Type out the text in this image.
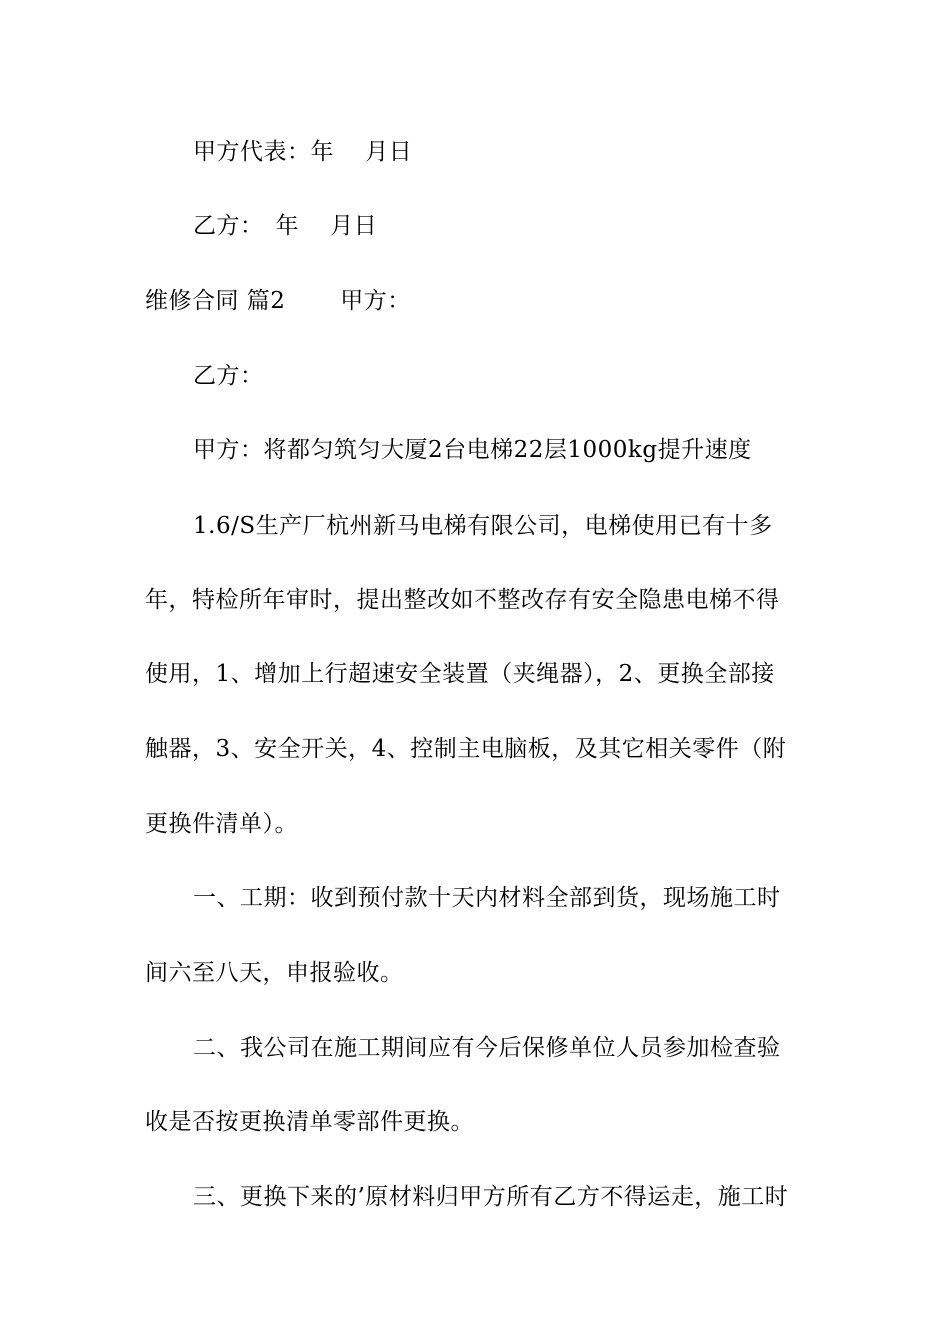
甲方代表：年　 月日
乙方：　年　 月日
维修合同 篇2　　 甲方：
乙方：
甲方：将都匀筑匀大厦2台电梯22层1000kg提升速度
1.6/S生产厂杭州新马电梯有限公司，电梯使用已有十多
年，特检所年审时，提出整改如不整改存有安全隐患电梯不得
使用，1、增加上行超速安全装置（夹绳器），2、更换全部接
触器，3、安全开关，4、控制主电脑板，及其它相关零件（附
更换件清单）。
一、工期：收到预付款十天内材料全部到货，现场施工时
间六至八天，申报验收。
二、我公司在施工期间应有今后保修单位人员参加检查验
收是否按更换清单零部件更换。
三、更换下来的’原材料归甲方所有乙方不得运走，施工时
